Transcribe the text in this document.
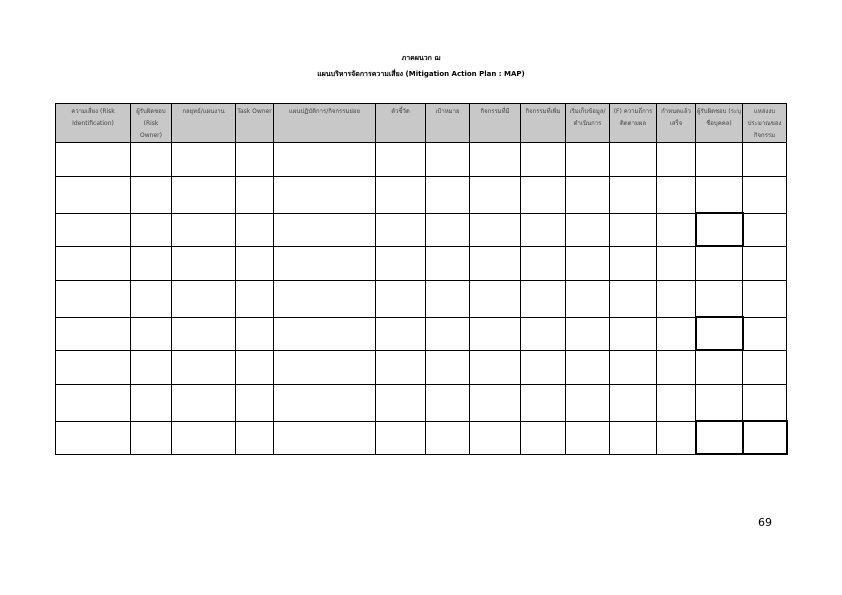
ภาคผนวก ฌ
แผนบริหารจัดการความเสี่ยง (Mitigation Action Plan : MAP)
ความเสี่ยง (Risk Identification)	ผู้รับผิดชอบ (Risk Owner)	กลยุทธ์/แผนงาน	Task Owner	แผนปฏิบัติการ/กิจกรรมย่อย	ตัวชี้วัด	เป้าหมาย	กิจกรรมที่มี	กิจกรรมที่เพิ่ม	เริ่มเก็บข้อมูล/ดำเนินการ	(F) ความถี่การติดตามผล	กำหนดแล้วเสร็จ	ผู้รับผิดชอบ (ระบุชื่อบุคคล)	แหล่งงบประมาณของกิจกรรม

69
